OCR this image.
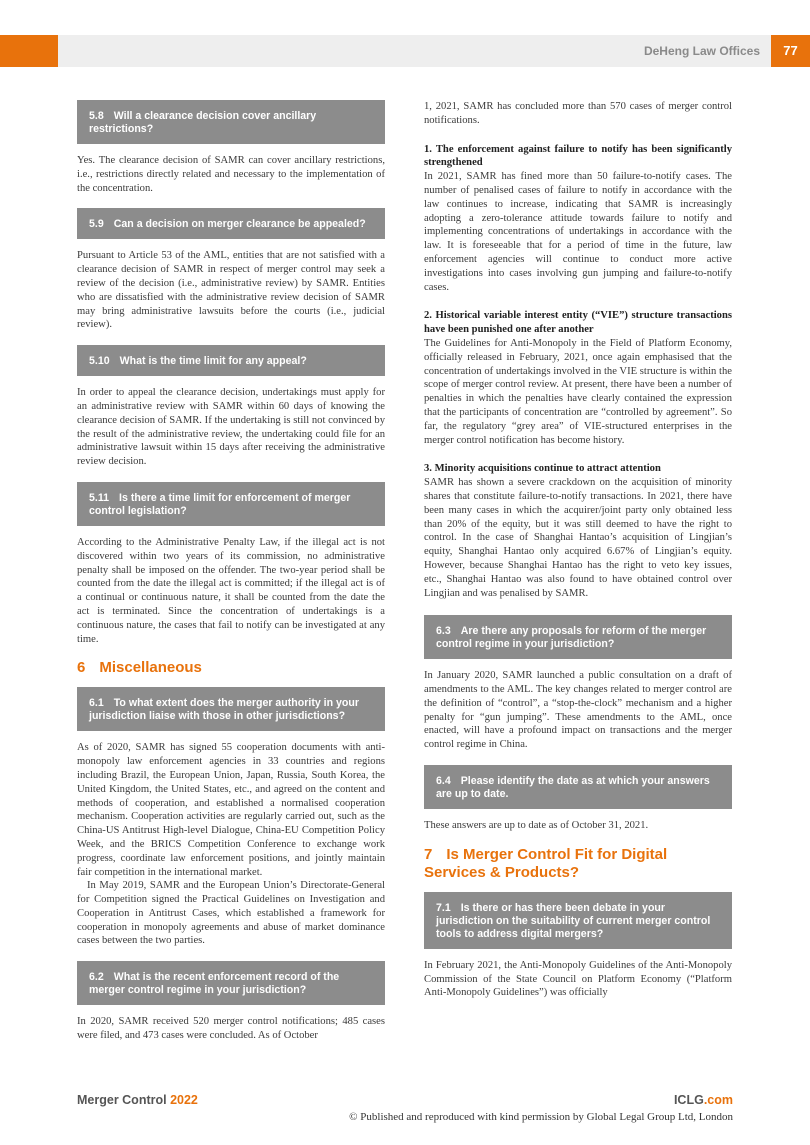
DeHeng Law Offices	77
5.8 Will a clearance decision cover ancillary restrictions?

Yes. The clearance decision of SAMR can cover ancillary restrictions, i.e., restrictions directly related and necessary to the implementation of the concentration.

5.9 Can a decision on merger clearance be appealed?

Pursuant to Article 53 of the AML, entities that are not satisfied with a clearance decision of SAMR in respect of merger control may seek a review of the decision (i.e., administrative review) by SAMR. Entities who are dissatisfied with the administrative review decision of SAMR may bring administrative lawsuits before the courts (i.e., judicial review).

5.10 What is the time limit for any appeal?

In order to appeal the clearance decision, undertakings must apply for an administrative review with SAMR within 60 days of knowing the clearance decision of SAMR. If the undertaking is still not convinced by the result of the administrative review, the undertaking could file for an administrative lawsuit within 15 days after receiving the administrative review decision.

5.11 Is there a time limit for enforcement of merger control legislation?

According to the Administrative Penalty Law, if the illegal act is not discovered within two years of its commission, no administrative penalty shall be imposed on the offender. The two-year period shall be counted from the date the illegal act is committed; if the illegal act is of a continual or continuous nature, it shall be counted from the date the act is terminated. Since the concentration of undertakings is a continuous nature, the cases that fail to notify can be investigated at any time.

6 Miscellaneous
6.1 To what extent does the merger authority in your jurisdiction liaise with those in other jurisdictions?

As of 2020, SAMR has signed 55 cooperation documents with anti-monopoly law enforcement agencies in 33 countries and regions including Brazil, the European Union, Japan, Russia, South Korea, the United Kingdom, the United States, etc., and agreed on the content and methods of cooperation, and established a normalised cooperation mechanism. Cooperation activities are regularly carried out, such as the China-US Antitrust High-level Dialogue, China-EU Competition Policy Week, and the BRICS Competition Conference to exchange work progress, coordinate law enforcement positions, and jointly maintain fair competition in the international market.

In May 2019, SAMR and the European Union’s Directorate-General for Competition signed the Practical Guidelines on Investigation and Cooperation in Antitrust Cases, which established a framework for cooperation in monopoly agreements and abuse of market dominance cases between the two parties.

6.2 What is the recent enforcement record of the merger control regime in your jurisdiction?

In 2020, SAMR received 520 merger control notifications; 485 cases were filed, and 473 cases were concluded. As of October

1, 2021, SAMR has concluded more than 570 cases of merger control notifications.

1. The enforcement against failure to notify has been significantly strengthened

In 2021, SAMR has fined more than 50 failure-to-notify cases. The number of penalised cases of failure to notify in accordance with the law continues to increase, indicating that SAMR is increasingly adopting a zero-tolerance attitude towards failure to notify and implementing concentrations of undertakings in accordance with the law. It is foreseeable that for a period of time in the future, law enforcement agencies will continue to conduct more active investigations into cases involving gun jumping and failure-to-notify cases.

2. Historical variable interest entity (“VIE”) structure transactions have been punished one after another

The Guidelines for Anti-Monopoly in the Field of Platform Economy, officially released in February, 2021, once again emphasised that the concentration of undertakings involved in the VIE structure is within the scope of merger control review. At present, there have been a number of penalties in which the penalties have clearly contained the expression that the participants of concentration are “controlled by agreement”. So far, the regulatory “grey area” of VIE-structured enterprises in the merger control notification has become history.

3. Minority acquisitions continue to attract attention

SAMR has shown a severe crackdown on the acquisition of minority shares that constitute failure-to-notify transactions. In 2021, there have been many cases in which the acquirer/joint party only obtained less than 20% of the equity, but it was still deemed to have the right to control. In the case of Shanghai Hantao’s acquisition of Lingjian’s equity, Shanghai Hantao only acquired 6.67% of Lingjian’s equity. However, because Shanghai Hantao has the right to veto key issues, etc., Shanghai Hantao was also found to have obtained control over Lingjian and was penalised by SAMR.

6.3 Are there any proposals for reform of the merger control regime in your jurisdiction?

In January 2020, SAMR launched a public consultation on a draft of amendments to the AML. The key changes related to merger control are the definition of “control”, a “stop-the-clock” mechanism and a higher penalty for “gun jumping”. These amendments to the AML, once enacted, will have a profound impact on transactions and the merger control regime in China.

6.4 Please identify the date as at which your answers are up to date.

These answers are up to date as of October 31, 2021.

7 Is Merger Control Fit for Digital Services & Products?
7.1 Is there or has there been debate in your jurisdiction on the suitability of current merger control tools to address digital mergers?

In February 2021, the Anti-Monopoly Guidelines of the Anti-Monopoly Commission of the State Council on Platform Economy (“Platform Anti-Monopoly Guidelines”) was officially

Merger Control 2022	ICLG.com
© Published and reproduced with kind permission by Global Legal Group Ltd, London
